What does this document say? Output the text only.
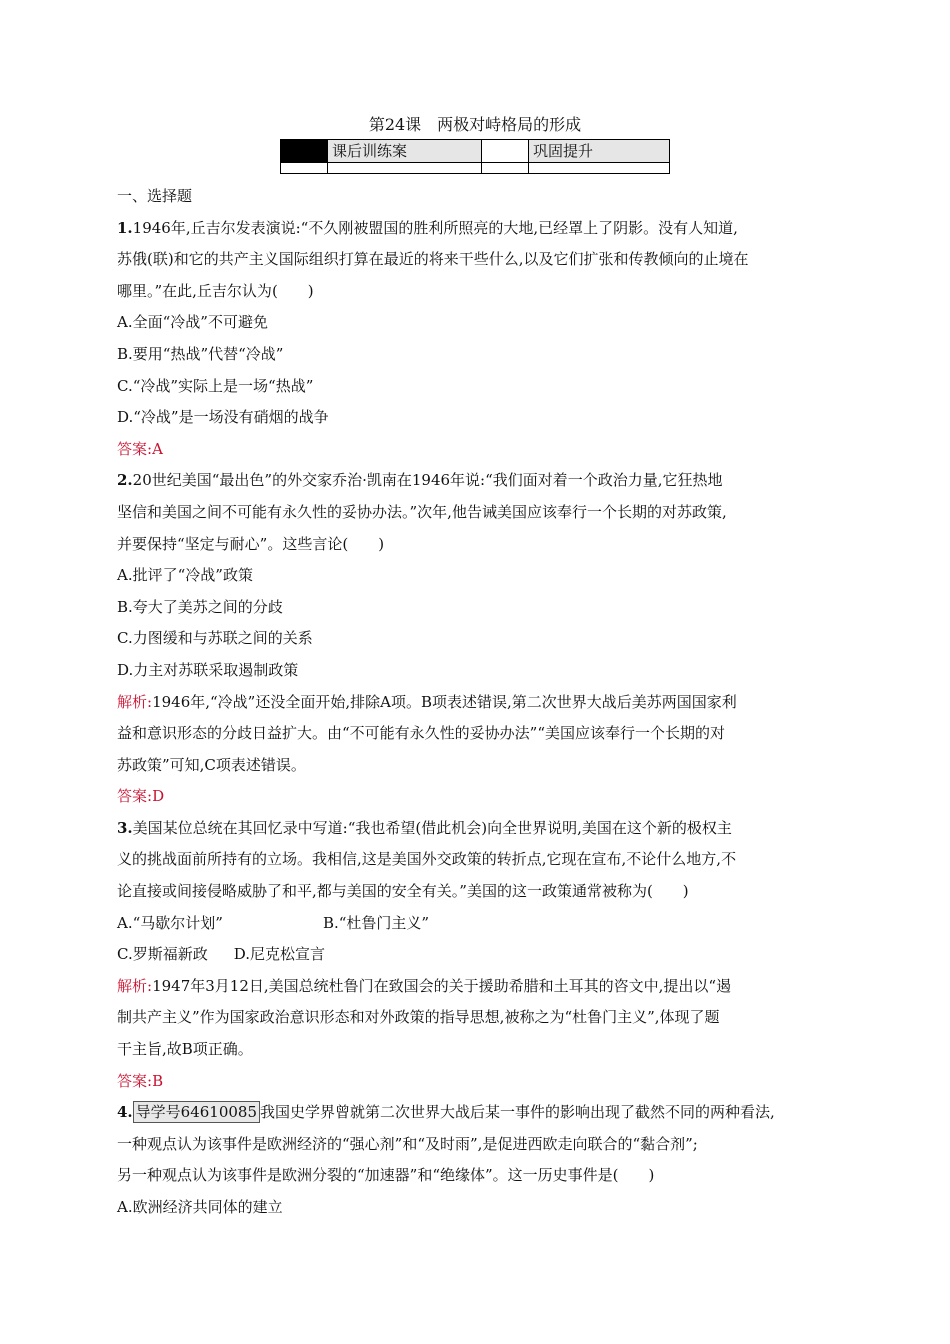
第24课　两极对峙格局的形成
	课后训练案		巩固提升

一、选择题

1.1946年,丘吉尔发表演说:“不久刚被盟国的胜利所照亮的大地,已经罩上了阴影。没有人知道,

苏俄(联)和它的共产主义国际组织打算在最近的将来干些什么,以及它们扩张和传教倾向的止境在

哪里。”在此,丘吉尔认为(　　)

A.全面“冷战”不可避免

B.要用“热战”代替“冷战”

C.“冷战”实际上是一场“热战”

D.“冷战”是一场没有硝烟的战争

答案:A

2.20世纪美国“最出色”的外交家乔治·凯南在1946年说:“我们面对着一个政治力量,它狂热地

坚信和美国之间不可能有永久性的妥协办法。”次年,他告诫美国应该奉行一个长期的对苏政策,

并要保持“坚定与耐心”。这些言论(　　)

A.批评了“冷战”政策

B.夸大了美苏之间的分歧

C.力图缓和与苏联之间的关系

D.力主对苏联采取遏制政策

解析:1946年,“冷战”还没全面开始,排除A项。B项表述错误,第二次世界大战后美苏两国国家利

益和意识形态的分歧日益扩大。由“不可能有永久性的妥协办法”“美国应该奉行一个长期的对

苏政策”可知,C项表述错误。

答案:D

3.美国某位总统在其回忆录中写道:“我也希望(借此机会)向全世界说明,美国在这个新的极权主

义的挑战面前所持有的立场。我相信,这是美国外交政策的转折点,它现在宣布,不论什么地方,不

论直接或间接侵略威胁了和平,都与美国的安全有关。”美国的这一政策通常被称为(　　)

A.“马歇尔计划”	B.“杜鲁门主义”

C.罗斯福新政 D.尼克松宣言

解析:1947年3月12日,美国总统杜鲁门在致国会的关于援助希腊和土耳其的咨文中,提出以“遏

制共产主义”作为国家政治意识形态和对外政策的指导思想,被称之为“杜鲁门主义”,体现了题

干主旨,故B项正确。

答案:B

4. 导学号64610085 我国史学界曾就第二次世界大战后某一事件的影响出现了截然不同的两种看法,

一种观点认为该事件是欧洲经济的“强心剂”和“及时雨”,是促进西欧走向联合的“黏合剂”;

另一种观点认为该事件是欧洲分裂的“加速器”和“绝缘体”。这一历史事件是(　　)

A.欧洲经济共同体的建立
